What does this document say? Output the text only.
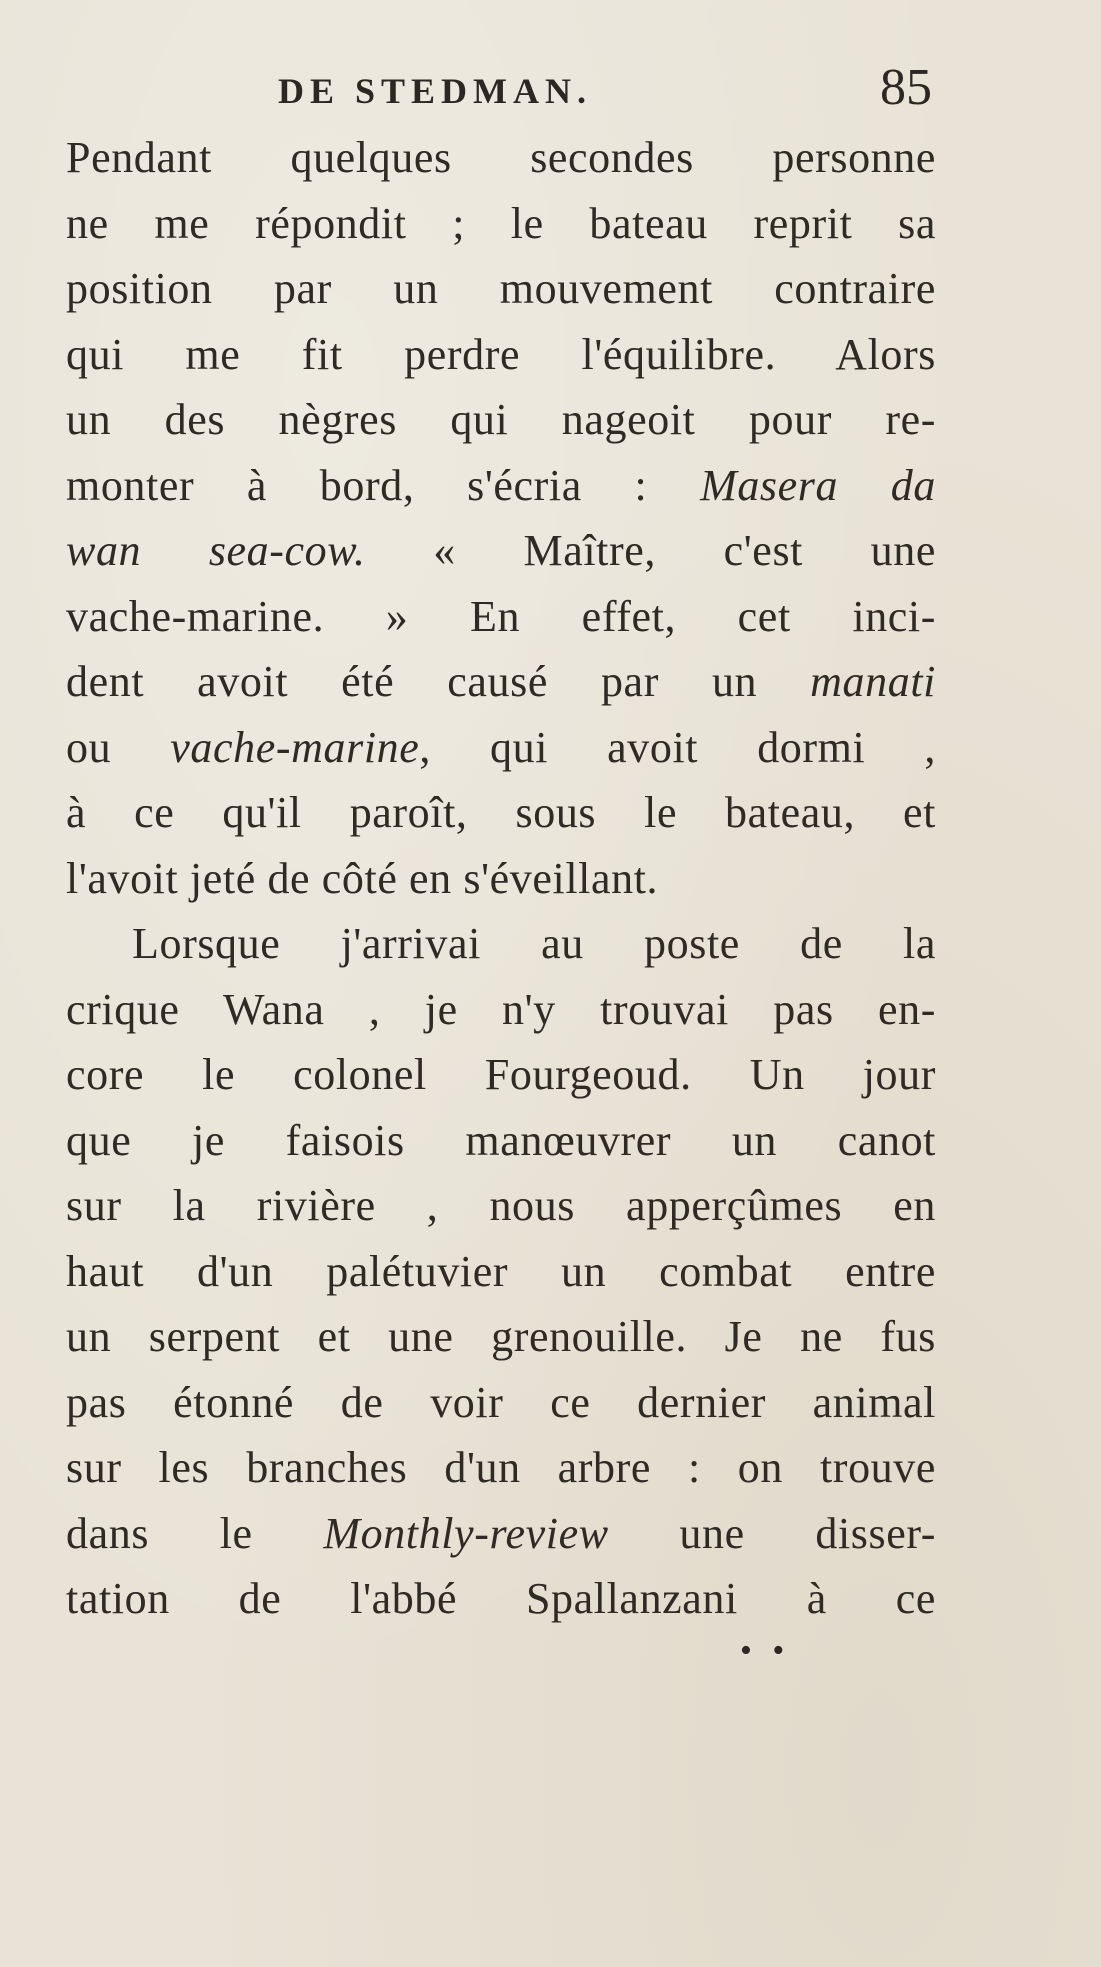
DE STEDMAN.	85
Pendant quelques secondes personne
ne me répondit ; le bateau reprit sa
position par un mouvement contraire
qui me fit perdre l'équilibre. Alors
un des nègres qui nageoit pour re-
monter à bord, s'écria : Masera da
wan sea-cow. « Maître, c'est une
vache-marine. » En effet, cet inci-
dent avoit été causé par un manati
ou vache-marine, qui avoit dormi ,
à ce qu'il paroît, sous le bateau, et
l'avoit jeté de côté en s'éveillant.
Lorsque j'arrivai au poste de la
crique Wana , je n'y trouvai pas en-
core le colonel Fourgeoud. Un jour
que je faisois manœuvrer un canot
sur la rivière , nous apperçûmes en
haut d'un palétuvier un combat entre
un serpent et une grenouille. Je ne fus
pas étonné de voir ce dernier animal
sur les branches d'un arbre : on trouve
dans le Monthly-review une disser-
tation de l'abbé Spallanzani à ce
• •
